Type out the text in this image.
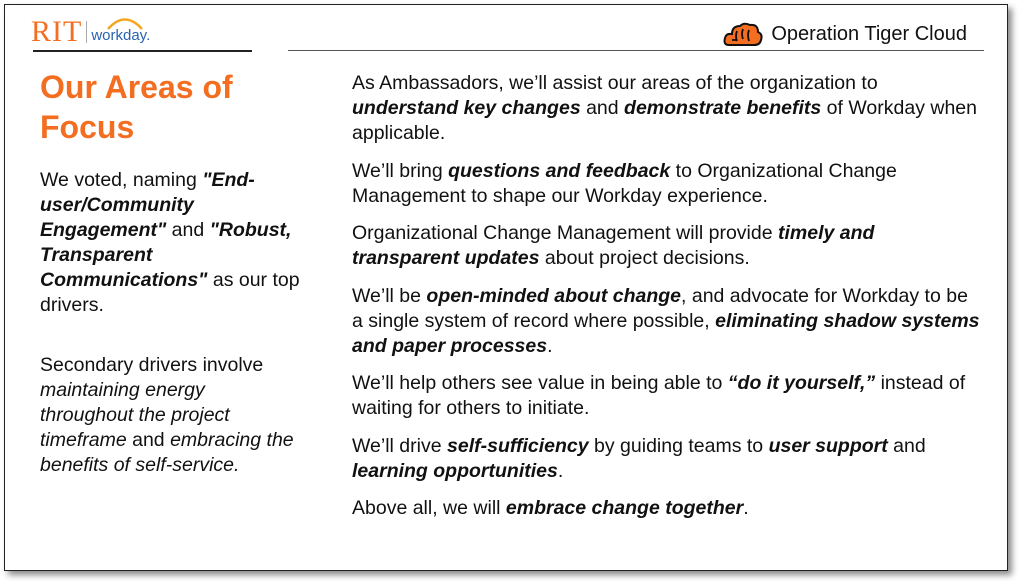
RIT workday.	Operation Tiger Cloud
Our Areas of
Focus

We voted, naming "End-user/Community Engagement" and "Robust, Transparent Communications" as our top drivers.

Secondary drivers involve maintaining energy throughout the project timeframe and embracing the benefits of self-service.

As Ambassadors, we’ll assist our areas of the organization to understand key changes and demonstrate benefits of Workday when applicable.

We’ll bring questions and feedback to Organizational Change Management to shape our Workday experience.

Organizational Change Management will provide timely and transparent updates about project decisions.

We’ll be open-minded about change, and advocate for Workday to be a single system of record where possible, eliminating shadow systems and paper processes.

We’ll help others see value in being able to “do it yourself,” instead of waiting for others to initiate.

We’ll drive self-sufficiency by guiding teams to user support and learning opportunities.

Above all, we will embrace change together.
